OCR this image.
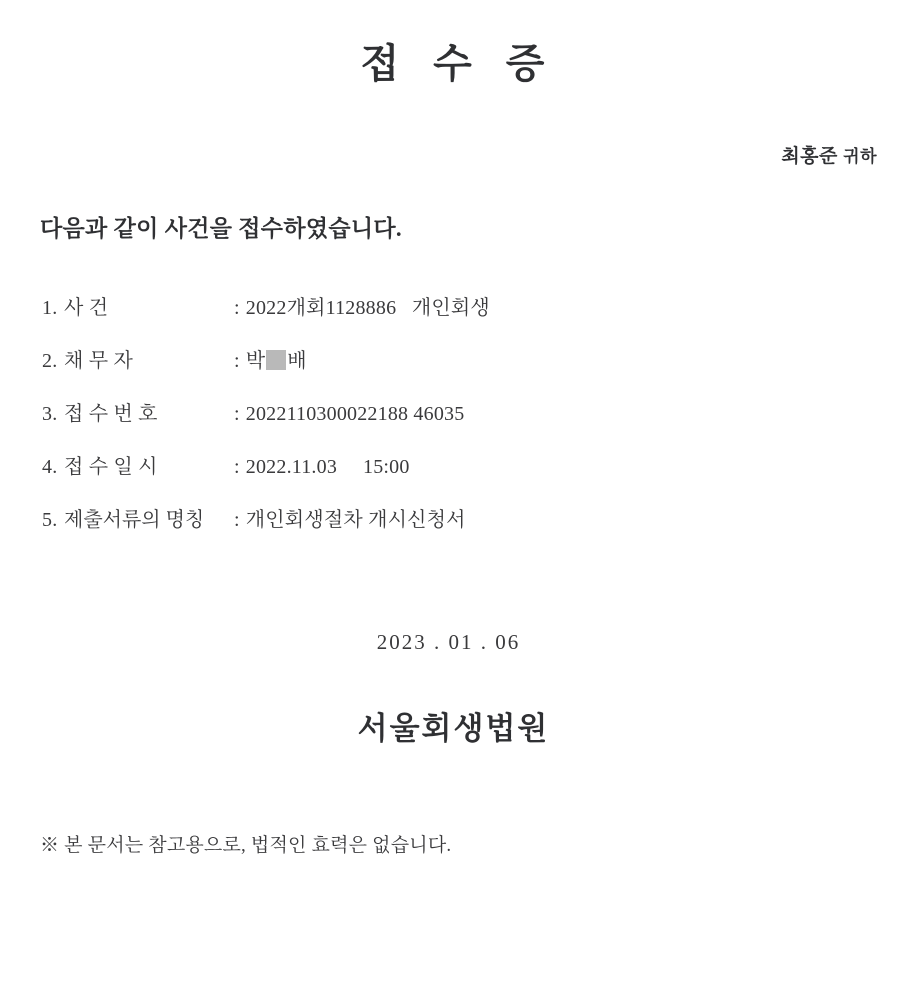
접 수 증
최홍준 귀하
다음과 같이 사건을 접수하였습니다.
1. 사 건	: 2022개회1128886   개인회생
2. 채 무 자	: 박 배
3. 접 수 번 호	: 2022110300022188 46035
4. 접 수 일 시	: 2022.11.03     15:00
5. 제출서류의 명칭	: 개인회생절차 개시신청서
2023 . 01 . 06
서울회생법원
※ 본 문서는 참고용으로, 법적인 효력은 없습니다.
